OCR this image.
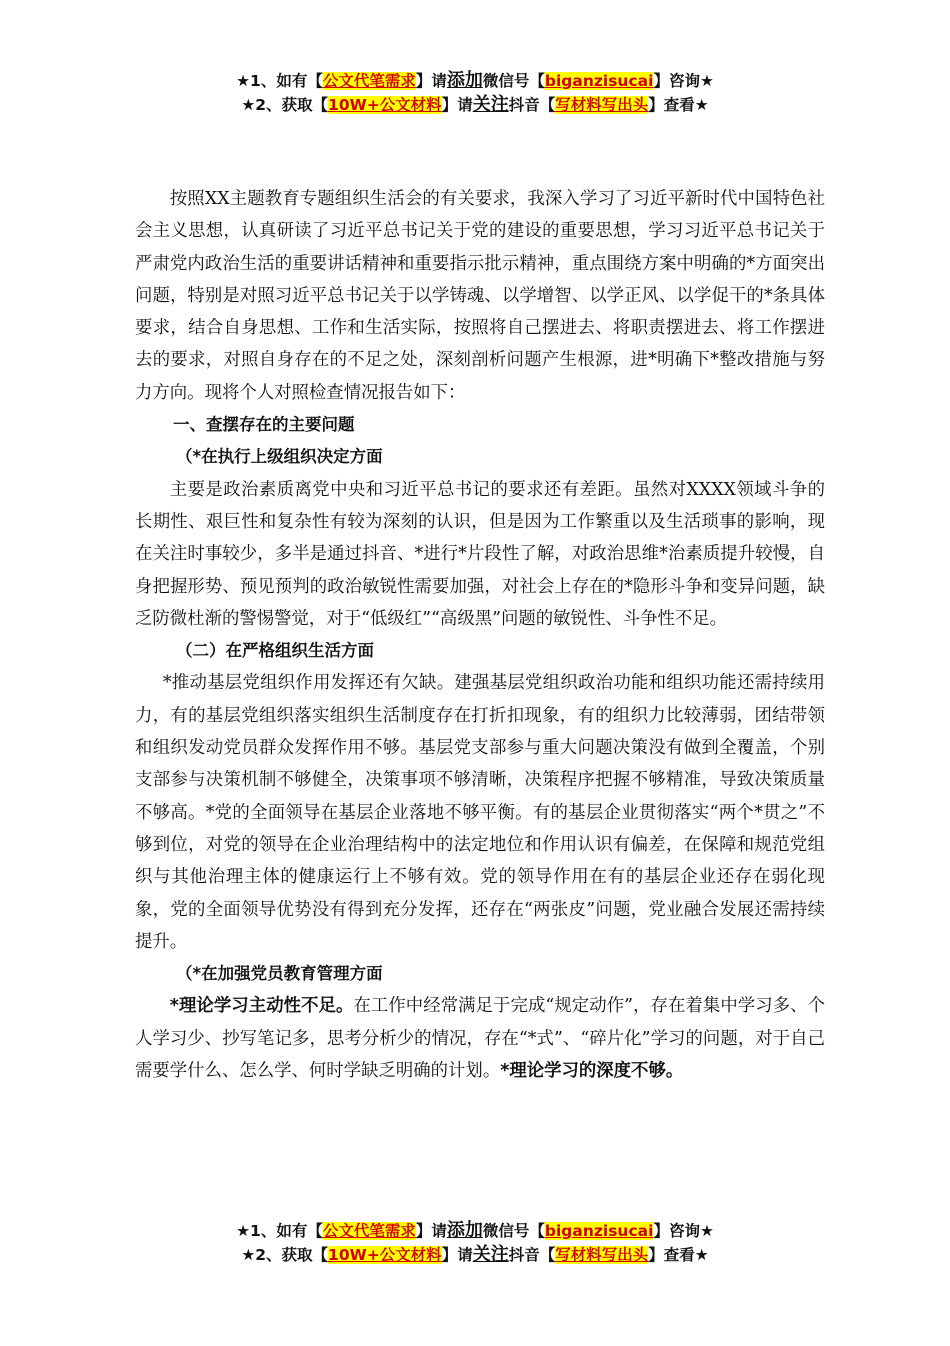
★1、如有【公文代笔需求】请添加微信号【biganzisucai】咨询★
★2、获取【10W+公文材料】请关注抖音【写材料写出头】查看★

按照XX主题教育专题组织生活会的有关要求，我深入学习了习近平新时代中国特色社会主义思想，认真研读了习近平总书记关于党的建设的重要思想，学习习近平总书记关于严肃党内政治生活的重要讲话精神和重要指示批示精神，重点围绕方案中明确的*方面突出问题，特别是对照习近平总书记关于以学铸魂、以学增智、以学正风、以学促干的*条具体要求，结合自身思想、工作和生活实际，按照将自己摆进去、将职责摆进去、将工作摆进去的要求，对照自身存在的不足之处，深刻剖析问题产生根源，进*明确下*整改措施与努力方向。现将个人对照检查情况报告如下：

一、查摆存在的主要问题

（*在执行上级组织决定方面

主要是政治素质离党中央和习近平总书记的要求还有差距。虽然对XXXX领域斗争的长期性、艰巨性和复杂性有较为深刻的认识，但是因为工作繁重以及生活琐事的影响，现在关注时事较少，多半是通过抖音、*进行*片段性了解，对政治思维*治素质提升较慢，自身把握形势、预见预判的政治敏锐性需要加强，对社会上存在的*隐形斗争和变异问题，缺乏防微杜渐的警惕警觉，对于“低级红”“高级黑”问题的敏锐性、斗争性不足。

（二）在严格组织生活方面

*推动基层党组织作用发挥还有欠缺。建强基层党组织政治功能和组织功能还需持续用力，有的基层党组织落实组织生活制度存在打折扣现象，有的组织力比较薄弱，团结带领和组织发动党员群众发挥作用不够。基层党支部参与重大问题决策没有做到全覆盖，个别支部参与决策机制不够健全，决策事项不够清晰，决策程序把握不够精准，导致决策质量不够高。*党的全面领导在基层企业落地不够平衡。有的基层企业贯彻落实“两个*贯之”不够到位，对党的领导在企业治理结构中的法定地位和作用认识有偏差，在保障和规范党组织与其他治理主体的健康运行上不够有效。党的领导作用在有的基层企业还存在弱化现象，党的全面领导优势没有得到充分发挥，还存在“两张皮”问题，党业融合发展还需持续提升。

（*在加强党员教育管理方面

*理论学习主动性不足。在工作中经常满足于完成“规定动作”，存在着集中学习多、个人学习少、抄写笔记多，思考分析少的情况，存在“*式”、“碎片化”学习的问题，对于自己需要学什么、怎么学、何时学缺乏明确的计划。*理论学习的深度不够。

★1、如有【公文代笔需求】请添加微信号【biganzisucai】咨询★
★2、获取【10W+公文材料】请关注抖音【写材料写出头】查看★
